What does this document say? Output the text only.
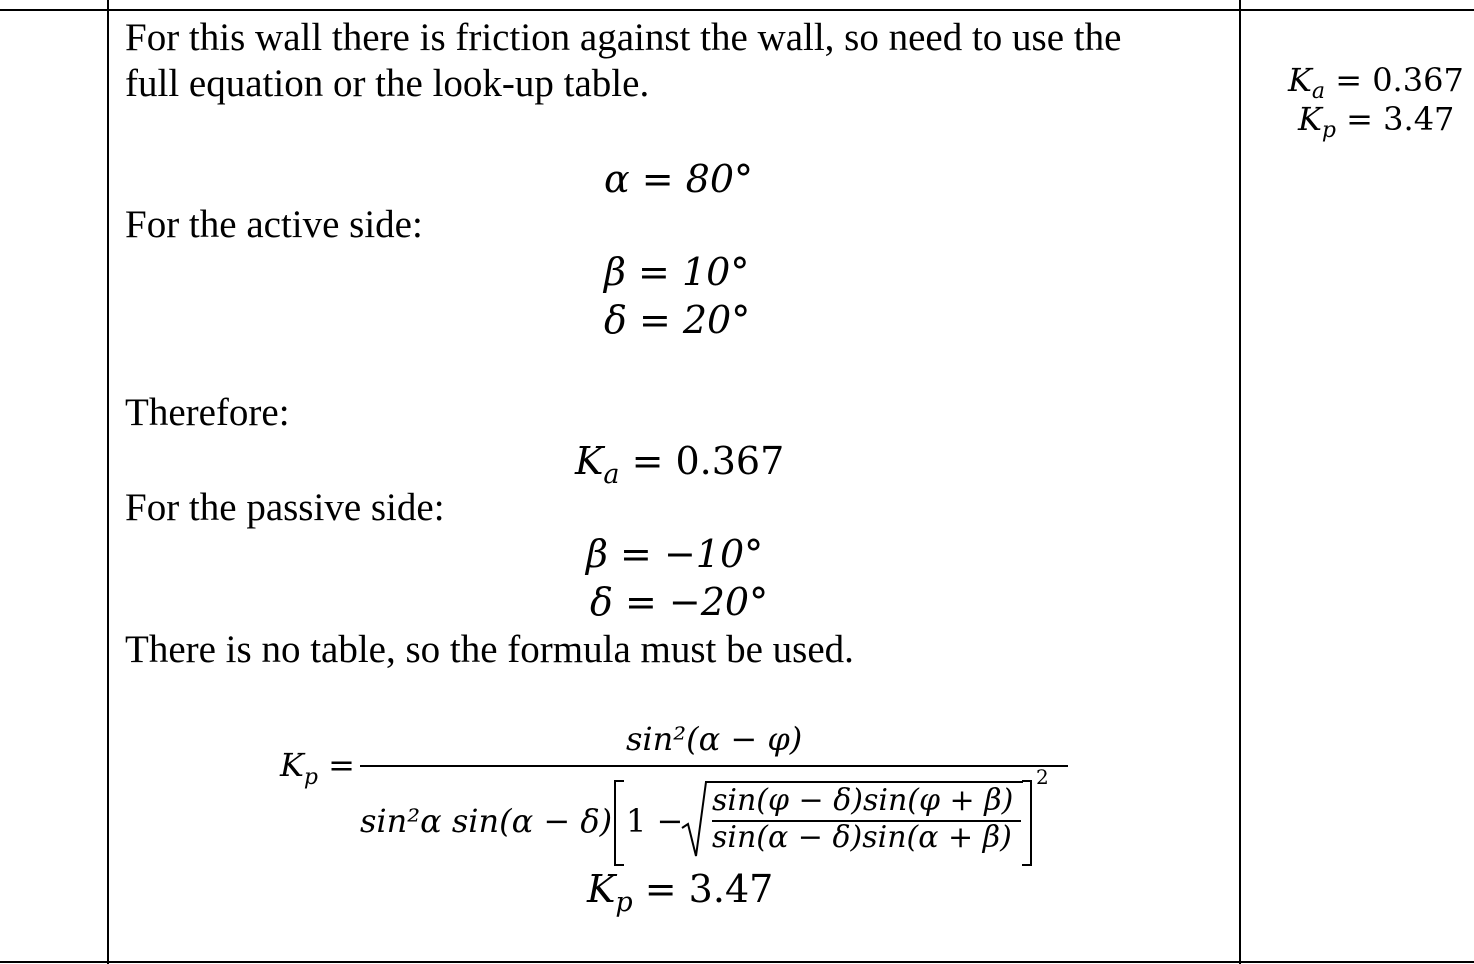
For this wall there is friction against the wall, so need to use the
full equation or the look-up table.
α = 80°
For the active side:
β = 10°
δ = 20°
Therefore:
$K_a = 0.367$
For the passive side:
β = −10°
δ = −20°
There is no table, so the formula must be used.
$K_p$ =
sin²(α − φ)
sin²α sin(α − δ) 1 −
sin(φ − δ)sin(φ + β)
sin(α − δ)sin(α + β)
2
$K_p = 3.47$
$K_a = 0.367$
$K_p = 3.47$
